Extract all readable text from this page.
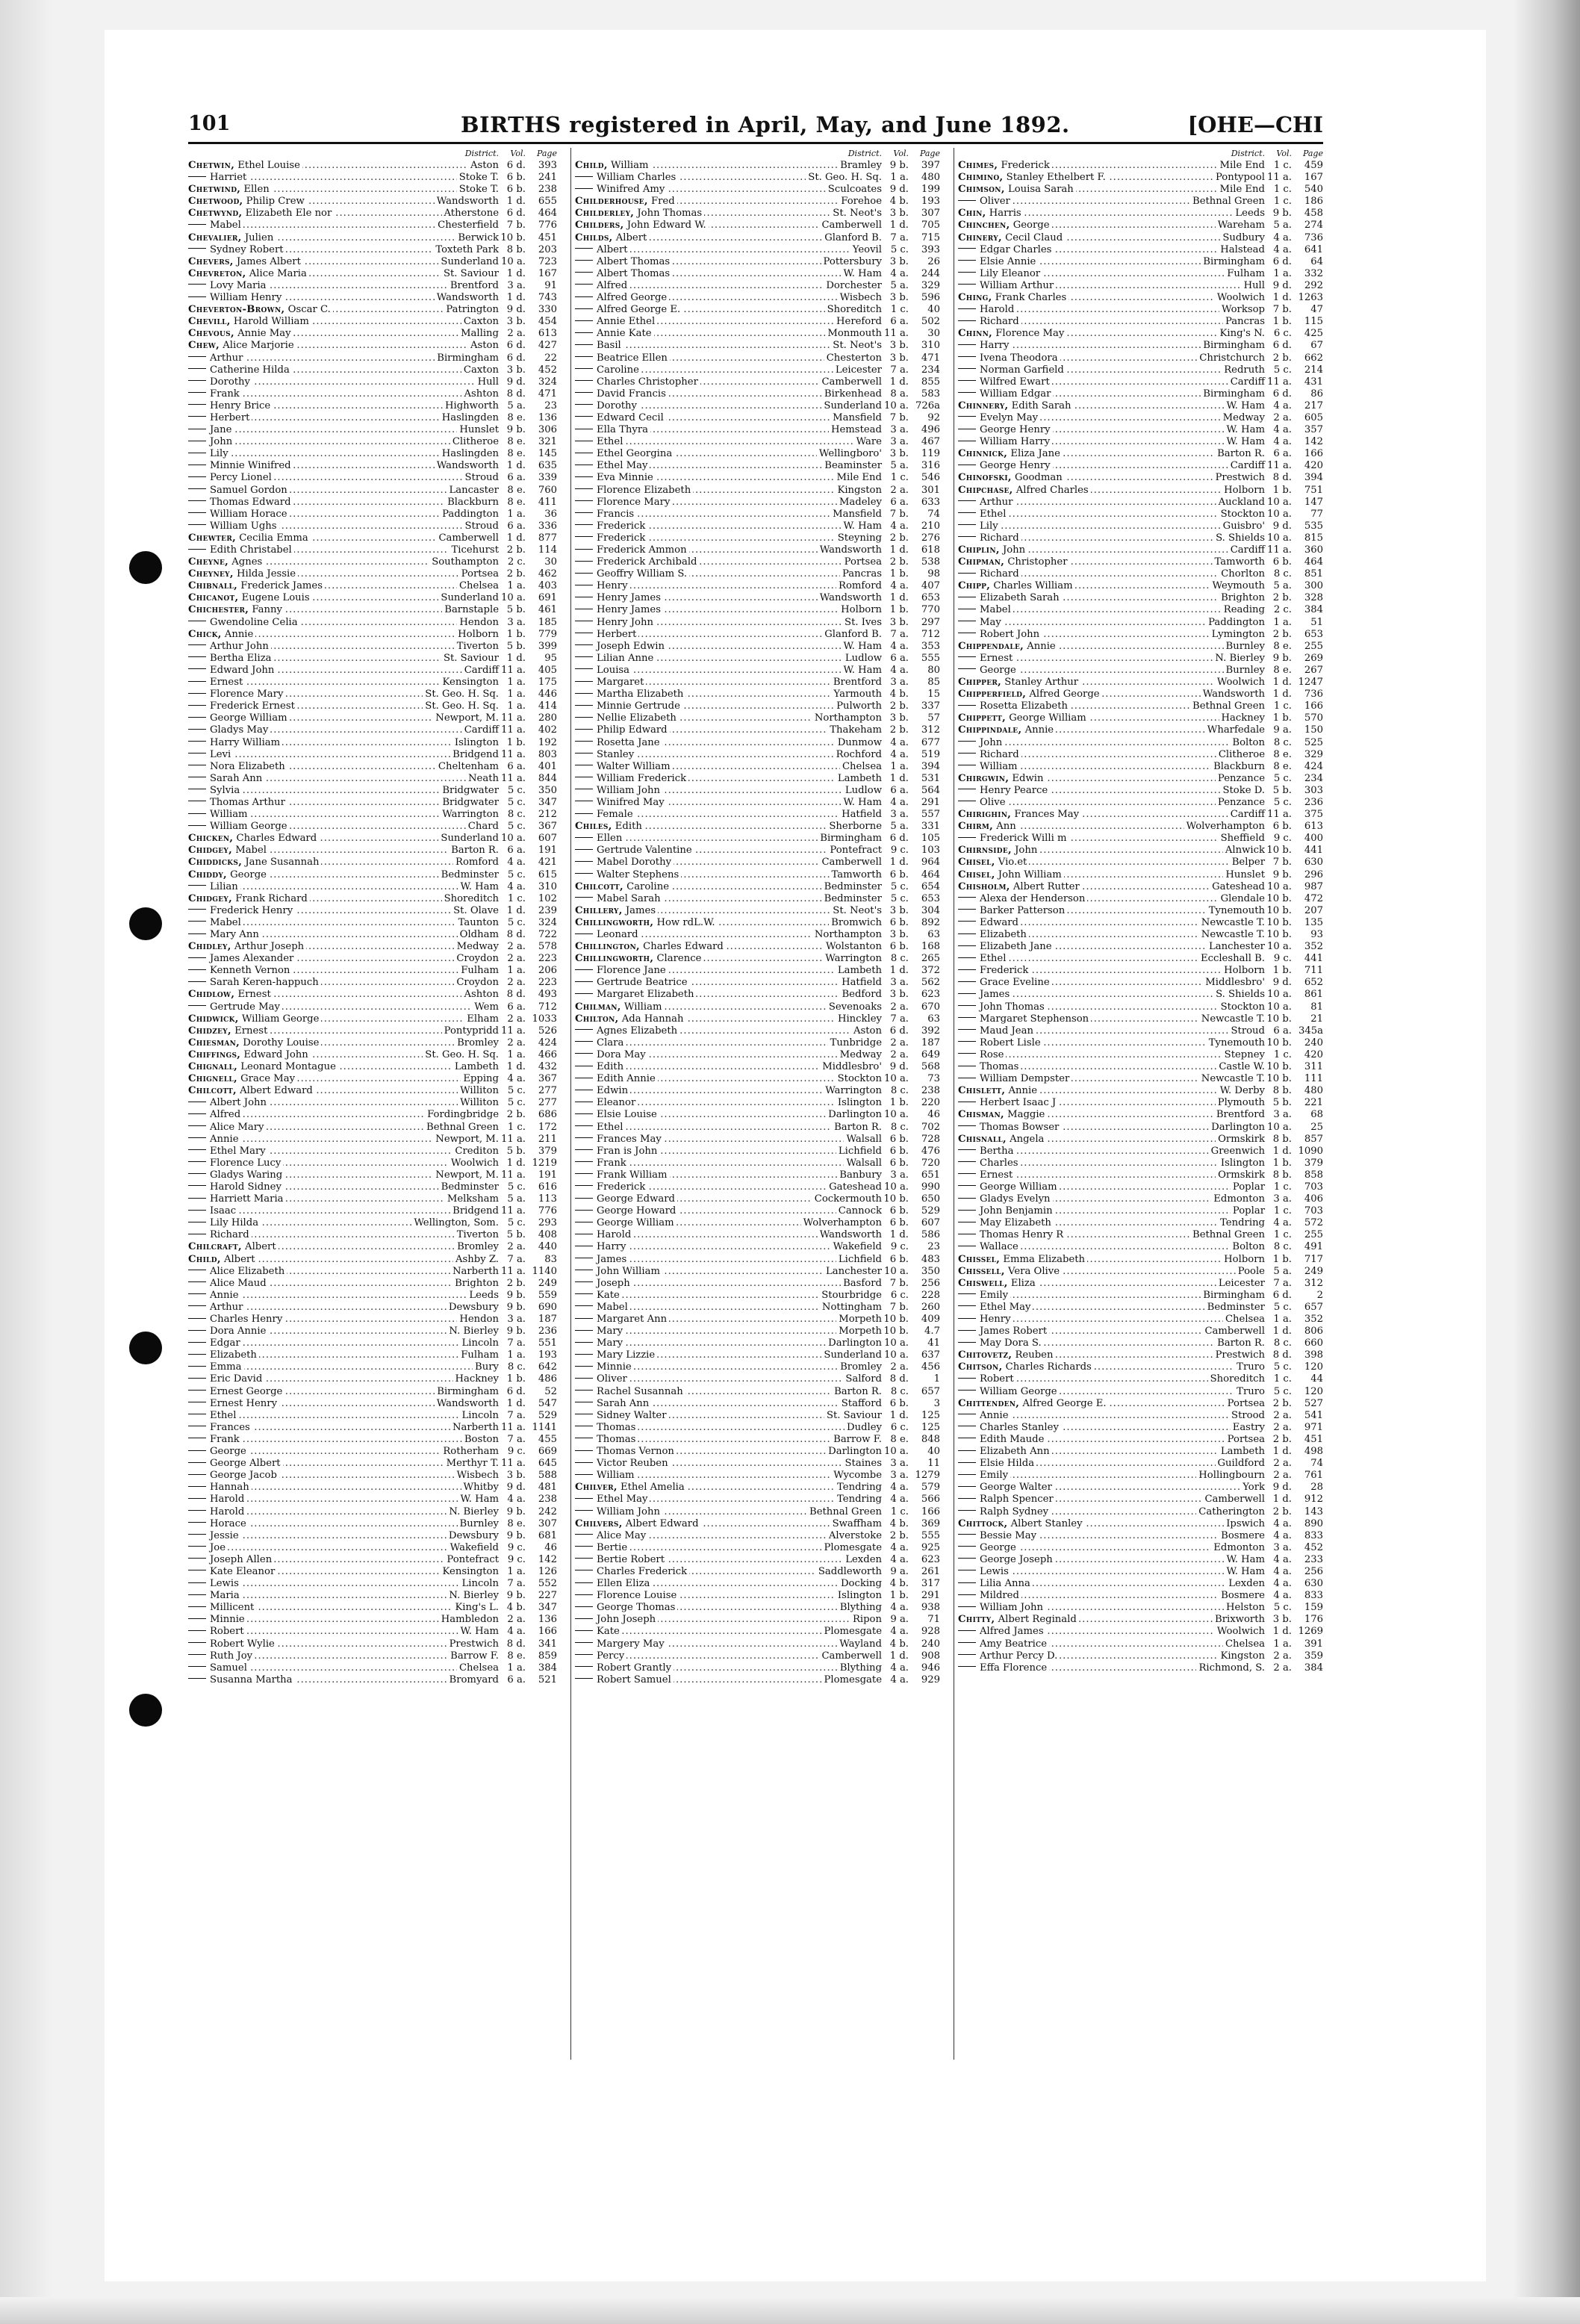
101	BIRTHS registered in April, May, and June 1892.	[OHE—CHI
District.	Vol.	Page
Chetwin, Ethel Louise .....	Aston 6 d.	393
Harriet .....	Stoke T. 6 b.	241
Chetwind, Ellen .....	Stoke T. 6 b.	238
Chetwood, Philip Crew .....	Wandsworth 1 d.	655
Chetwynd, Elizabeth Ele nor .....	Atherstone 6 d.	464
Mabel .....	Chesterfield 7 b.	776
Chevalier, Julien .....	Berwick 10 b.	451
Sydney Robert .....	Toxteth Park 8 b.	203
Chevers, James Albert .....	Sunderland 10 a.	723
Chevreton, Alice Maria .....	St. Saviour 1 d.	167
Lovy Maria .....	Brentford 3 a.	91
William Henry .....	Wandsworth 1 d.	743
Cheverton-Brown, Oscar C. .....	Patrington 9 d.	330
Chevill, Harold William .....	Caxton 3 b.	454
Chevous, Annie May .....	Malling 2 a.	613
Chew, Alice Marjorie .....	Aston 6 d.	427
Arthur .....	Birmingham 6 d.	22
Catherine Hilda .....	Caxton 3 b.	452
Dorothy .....	Hull 9 d.	324
Frank .....	Ashton 8 d.	471
Henry Brice .....	Highworth 5 a.	23
Herbert .....	Haslingden 8 e.	136
Jane .....	Hunslet 9 b.	306
John .....	Clitheroe 8 e.	321
Lily .....	Haslingden 8 e.	145
Minnie Winifred .....	Wandsworth 1 d.	635
Percy Lionel .....	Stroud 6 a.	339
Samuel Gordon .....	Lancaster 8 e.	760
Thomas Edward .....	Blackburn 8 e.	411
William Horace .....	Paddington 1 a.	36
William Ughs .....	Stroud 6 a.	336
Chewter, Cecilia Emma .....	Camberwell 1 d.	877
Edith Christabel .....	Ticehurst 2 b.	114
Cheyne, Agnes .....	Southampton 2 c.	30
Cheyney, Hilda Jessie .....	Portsea 2 b.	462
Chibnall, Frederick James .....	Chelsea 1 a.	403
Chicanot, Eugene Louis .....	Sunderland 10 a.	691
Chichester, Fanny .....	Barnstaple 5 b.	461
Gwendoline Celia .....	Hendon 3 a.	185
Chick, Annie .....	Holborn 1 b.	779
Arthur John .....	Tiverton 5 b.	399
Bertha Eliza .....	St. Saviour 1 d.	95
Edward John .....	Cardiff 11 a.	405
Ernest .....	Kensington 1 a.	175
Florence Mary .....	St. Geo. H. Sq. 1 a.	446
Frederick Ernest .....	St. Geo. H. Sq. 1 a.	414
George William .....	Newport, M. 11 a.	280
Gladys May .....	Cardiff 11 a.	402
Harry William .....	Islington 1 b.	192
Levi .....	Bridgend 11 a.	803
Nora Elizabeth .....	Cheltenham 6 a.	401
Sarah Ann .....	Neath 11 a.	844
Sylvia .....	Bridgwater 5 c.	350
Thomas Arthur .....	Bridgwater 5 c.	347
William .....	Warrington 8 c.	212
William George .....	Chard 5 c.	367
Chicken, Charles Edward .....	Sunderland 10 a.	607
Chidgey, Mabel .....	Barton R. 6 a.	191
Chiddicks, Jane Susannah .....	Romford 4 a.	421
Chiddy, George .....	Bedminster 5 c.	615
Lilian .....	W. Ham 4 a.	310
Chidgey, Frank Richard .....	Shoreditch 1 c.	102
Frederick Henry .....	St. Olave 1 d.	239
Mabel .....	Taunton 5 c.	324
Mary Ann .....	Oldham 8 d.	722
Chidley, Arthur Joseph .....	Medway 2 a.	578
James Alexander .....	Croydon 2 a.	223
Kenneth Vernon .....	Fulham 1 a.	206
Sarah Keren-happuch .....	Croydon 2 a.	223
Chidlow, Ernest .....	Ashton 8 d.	493
Gertrude May .....	Wem 6 a.	712
Chidwick, William George .....	Elham 2 a. 1033
Chidzey, Ernest .....	Pontypridd 11 a.	526
Chiesman, Dorothy Louise .....	Bromley 2 a.	424
Chiffings, Edward John .....	St. Geo. H. Sq. 1 a.	466
Chignall, Leonard Montague .....	Lambeth 1 d.	432
Chignell, Grace May .....	Epping 4 a.	367
Chilcott, Albert Edward .....	Williton 5 c.	277
Albert John .....	Williton 5 c.	277
Alfred .....	Fordingbridge 2 b.	686
Alice Mary .....	Bethnal Green 1 c.	172
Annie .....	Newport, M. 11 a.	211
Ethel Mary .....	Crediton 5 b.	379
Florence Lucy .....	Woolwich 1 d. 1219
Gladys Waring .....	Newport, M. 11 a.	191
Harold Sidney .....	Bedminster 5 c.	616
Harriett Maria .....	Melksham 5 a.	113
Isaac .....	Bridgend 11 a.	776
Lily Hilda .....	Wellington, Som. 5 c.	293
Richard .....	Tiverton 5 b.	408
Chilcraft, Albert .....	Bromley 2 a.	440
Child, Albert .....	Ashby Z. 7 a.	83
Alice Elizabeth .....	Narberth 11 a. 1140
Alice Maud .....	Brighton 2 b.	249
Annie .....	Leeds 9 b.	559
Arthur .....	Dewsbury 9 b.	690
Charles Henry .....	Hendon 3 a.	187
Dora Annie .....	N. Bierley 9 b.	236
Edgar .....	Lincoln 7 a.	551
Elizabeth .....	Fulham 1 a.	193
Emma .....	Bury 8 c.	642
Eric David .....	Hackney 1 b.	486
Ernest George .....	Birmingham 6 d.	52
Ernest Henry .....	Wandsworth 1 d.	547
Ethel .....	Lincoln 7 a.	529
Frances .....	Narberth 11 a. 1141
Frank .....	Boston 7 a.	455
George .....	Rotherham 9 c.	669
George Albert .....	Merthyr T. 11 a.	645
George Jacob .....	Wisbech 3 b.	588
Hannah .....	Whitby 9 d.	481
Harold .....	W. Ham 4 a.	238
Harold .....	N. Bierley 9 b.	242
Horace .....	Burnley 8 e.	307
Jessie .....	Dewsbury 9 b.	681
Joe .....	Wakefield 9 c.	46
Joseph Allen .....	Pontefract 9 c.	142
Kate Eleanor .....	Kensington 1 a.	126
Lewis .....	Lincoln 7 a.	552
Maria .....	N. Bierley 9 b.	227
Millicent .....	King's L. 4 b.	347
Minnie .....	Hambledon 2 a.	136
Robert .....	W. Ham 4 a.	166
Robert Wylie .....	Prestwich 8 d.	341
Ruth Joy .....	Barrow F. 8 e.	859
Samuel .....	Chelsea 1 a.	384
Susanna Martha .....	Bromyard 6 a.	521
District.	Vol.	Page
Child, William .....	Bramley 9 b.	397
William Charles .....	St. Geo. H. Sq. 1 a.	480
Winifred Amy .....	Sculcoates 9 d.	199
Childerhouse, Fred .....	Forehoe 4 b.	193
Childerley, John Thomas .....	St. Neot's 3 b.	307
Childers, John Edward W. .....	Camberwell 1 d.	705
Childs, Albert .....	Glanford B. 7 a.	715
Albert .....	Yeovil 5 c.	393
Albert Thomas .....	Pottersbury 3 b.	26
Albert Thomas .....	W. Ham 4 a.	244
Alfred .....	Dorchester 5 a.	329
Alfred George .....	Wisbech 3 b.	596
Alfred George E. .....	Shoreditch 1 c.	40
Annie Ethel .....	Hereford 6 a.	502
Annie Kate .....	Monmouth 11 a.	30
Basil .....	St. Neot's 3 b.	310
Beatrice Ellen .....	Chesterton 3 b.	471
Caroline .....	Leicester 7 a.	234
Charles Christopher .....	Camberwell 1 d.	855
David Francis .....	Birkenhead 8 a.	583
Dorothy .....	Sunderland 10 a. 726a
Edward Cecil .....	Mansfield 7 b.	92
Ella Thyra .....	Hemstead 3 a.	496
Ethel .....	Ware 3 a.	467
Ethel Georgina .....	Wellingboro' 3 b.	119
Ethel May .....	Beaminster 5 a.	316
Eva Minnie .....	Mile End 1 c.	546
Florence Elizabeth .....	Kingston 2 a.	301
Florence Mary .....	Madeley 6 a.	633
Francis .....	Mansfield 7 b.	74
Frederick .....	W. Ham 4 a.	210
Frederick .....	Steyning 2 b.	276
Frederick Ammon .....	Wandsworth 1 d.	618
Frederick Archibald .....	Portsea 2 b.	538
Geoffry William S. .....	Pancras 1 b.	98
Henry .....	Romford 4 a.	407
Henry James .....	Wandsworth 1 d.	653
Henry James .....	Holborn 1 b.	770
Henry John .....	St. Ives 3 b.	297
Herbert .....	Glanford B. 7 a.	712
Joseph Edwin .....	W. Ham 4 a.	353
Lilian Anne .....	Ludlow 6 a.	555
Louisa .....	W. Ham 4 a.	80
Margaret .....	Brentford 3 a.	85
Martha Elizabeth .....	Yarmouth 4 b.	15
Minnie Gertrude .....	Pulworth 2 b.	337
Nellie Elizabeth .....	Northampton 3 b.	57
Philip Edward .....	Thakeham 2 b.	312
Rosetta Jane .....	Dunmow 4 a.	677
Stanley .....	Rochford 4 a.	519
Walter William .....	Chelsea 1 a.	394
William Frederick .....	Lambeth 1 d.	531
William John .....	Ludlow 6 a.	564
Winifred May .....	W. Ham 4 a.	291
Female .....	Hatfield 3 a.	557
Chiles, Edith .....	Sherborne 5 a.	331
Ellen .....	Birmingham 6 d.	105
Gertrude Valentine .....	Pontefract 9 c.	103
Mabel Dorothy .....	Camberwell 1 d.	964
Walter Stephens .....	Tamworth 6 b.	464
Chilcott, Caroline .....	Bedminster 5 c.	654
Mabel Sarah .....	Bedminster 5 c.	653
Chillery, James .....	St. Neot's 3 b.	304
Chillingworth, How rdL.W. .....	Bromwich 6 b.	892
Leonard .....	Northampton 3 b.	63
Chillington, Charles Edward .....	Wolstanton 6 b.	168
Chillingworth, Clarence .....	Warrington 8 c.	265
Florence Jane .....	Lambeth 1 d.	372
Gertrude Beatrice .....	Hatfield 3 a.	562
Margaret Elizabeth .....	Bedford 3 b.	623
Chilman, William .....	Sevenoaks 2 a.	670
Chilton, Ada Hannah .....	Hinckley 7 a.	63
Agnes Elizabeth .....	Aston 6 d.	392
Clara .....	Tunbridge 2 a.	187
Dora May .....	Medway 2 a.	649
Edith .....	Middlesbro' 9 d.	568
Edith Annie .....	Stockton 10 a.	73
Edwin .....	Warrington 8 c.	238
Eleanor .....	Islington 1 b.	220
Elsie Louise .....	Darlington 10 a.	46
Ethel .....	Barton R. 8 c.	702
Frances May .....	Walsall 6 b.	728
Fran is John .....	Lichfield 6 b.	476
Frank .....	Walsall 6 b.	720
Frank William .....	Banbury 3 a.	651
Frederick .....	Gateshead 10 a.	990
George Edward .....	Cockermouth 10 b.	650
George Howard .....	Cannock 6 b.	529
George William .....	Wolverhampton 6 b.	607
Harold .....	Wandsworth 1 d.	586
Harry .....	Wakefield 9 c.	23
James .....	Lichfield 6 b.	483
John William .....	Lanchester 10 a.	350
Joseph .....	Basford 7 b.	256
Kate .....	Stourbridge 6 c.	228
Mabel .....	Nottingham 7 b.	260
Margaret Ann .....	Morpeth 10 b.	409
Mary .....	Morpeth 10 b.	4.7
Mary .....	Darlington 10 a.	41
Mary Lizzie .....	Sunderland 10 a.	637
Minnie .....	Bromley 2 a.	456
Oliver .....	Salford 8 d.	1
Rachel Susannah .....	Barton R. 8 c.	657
Sarah Ann .....	Stafford 6 b.	3
Sidney Walter .....	St. Saviour 1 d.	125
Thomas .....	Dudley 6 c.	125
Thomas .....	Barrow F. 8 e.	848
Thomas Vernon .....	Darlington 10 a.	40
Victor Reuben .....	Staines 3 a.	11
William .....	Wycombe 3 a. 1279
Chilver, Ethel Amelia .....	Tendring 4 a.	579
Ethel May .....	Tendring 4 a.	566
William John .....	Bethnal Green 1 c.	166
Chilvers, Albert Edward .....	Swaffham 4 b.	369
Alice May .....	Alverstoke 2 b.	555
Bertie .....	Plomesgate 4 a.	925
Bertie Robert .....	Lexden 4 a.	623
Charles Frederick .....	Saddleworth 9 a.	261
Ellen Eliza .....	Docking 4 b.	317
Florence Louise .....	Islington 1 b.	291
George Thomas .....	Blything 4 a.	938
John Joseph .....	Ripon 9 a.	71
Kate .....	Plomesgate 4 a.	928
Margery May .....	Wayland 4 b.	240
Percy .....	Camberwell 1 d.	908
Robert Grantly .....	Blything 4 a.	946
Robert Samuel .....	Plomesgate 4 a.	929
District.	Vol.	Page
Chimes, Frederick .....	Mile End 1 c.	459
Chimino, Stanley Ethelbert F. .....	Pontypool 11 a.	167
Chimson, Louisa Sarah .....	Mile End 1 c.	540
Oliver .....	Bethnal Green 1 c.	186
Chin, Harris .....	Leeds 9 b.	458
Chinchen, George .....	Wareham 5 a.	274
Chinery, Cecil Claud .....	Sudbury 4 a.	736
Edgar Charles .....	Halstead 4 a.	641
Elsie Annie .....	Birmingham 6 d.	64
Lily Eleanor .....	Fulham 1 a.	332
William Arthur .....	Hull 9 d.	292
Ching, Frank Charles .....	Woolwich 1 d. 1263
Harold .....	Worksop 7 b.	47
Richard .....	Pancras 1 b.	115
Chinn, Florence May .....	King's N. 6 c.	425
Harry .....	Birmingham 6 d.	67
Ivena Theodora .....	Christchurch 2 b.	662
Norman Garfield .....	Redruth 5 c.	214
Wilfred Ewart .....	Cardiff 11 a.	431
William Edgar .....	Birmingham 6 d.	86
Chinnery, Edith Sarah .....	W. Ham 4 a.	217
Evelyn May .....	Medway 2 a.	605
George Henry .....	W. Ham 4 a.	357
William Harry .....	W. Ham 4 a.	142
Chinnick, Eliza Jane .....	Barton R. 6 a.	166
George Henry .....	Cardiff 11 a.	420
Chinofski, Goodman .....	Prestwich 8 d.	394
Chipchase, Alfred Charles .....	Holborn 1 b.	751
Arthur .....	Auckland 10 a.	147
Ethel .....	Stockton 10 a.	77
Lily .....	Guisbro' 9 d.	535
Richard .....	S. Shields 10 a.	815
Chiplin, John .....	Cardiff 11 a.	360
Chipman, Christopher .....	Tamworth 6 b.	464
Richard .....	Chorlton 8 c.	851
Chipp, Charles William .....	Weymouth 5 a.	300
Elizabeth Sarah .....	Brighton 2 b.	328
Mabel .....	Reading 2 c.	384
May .....	Paddington 1 a.	51
Robert John .....	Lymington 2 b.	653
Chippendale, Annie .....	Burnley 8 e.	255
Ernest .....	N. Bierley 9 b.	269
George .....	Burnley 8 e.	267
Chipper, Stanley Arthur .....	Woolwich 1 d. 1247
Chipperfield, Alfred George .....	Wandsworth 1 d.	736
Rosetta Elizabeth .....	Bethnal Green 1 c.	166
Chippett, George William .....	Hackney 1 b.	570
Chippindale, Annie .....	Wharfedale 9 a.	150
John .....	Bolton 8 c.	525
Richard .....	Clitheroe 8 e.	329
William .....	Blackburn 8 e.	424
Chirgwin, Edwin .....	Penzance 5 c.	234
Henry Pearce .....	Stoke D. 5 b.	303
Olive .....	Penzance 5 c.	236
Chirighin, Frances May .....	Cardiff 11 a.	375
Chirm, Ann .....	Wolverhampton 6 b.	613
Frederick Willi m .....	Sheffield 9 c.	400
Chirnside, John .....	Alnwick 10 b.	441
Chisel, Vio.et .....	Belper 7 b.	630
Chisel, John William .....	Hunslet 9 b.	296
Chisholm, Albert Rutter .....	Gateshead 10 a.	987
Alexa der Henderson .....	Glendale 10 b.	472
Barker Patterson .....	Tynemouth 10 b.	207
Edward .....	Newcastle T. 10 b.	135
Elizabeth .....	Newcastle T. 10 b.	93
Elizabeth Jane .....	Lanchester 10 a.	352
Ethel .....	Eccleshall B. 9 c.	441
Frederick .....	Holborn 1 b.	711
Grace Eveline .....	Middlesbro' 9 d.	652
James .....	S. Shields 10 a.	861
John Thomas .....	Stockton 10 a.	81
Margaret Stephenson .....	Newcastle T. 10 b.	21
Maud Jean .....	Stroud 6 a. 345a
Robert Lisle .....	Tynemouth 10 b.	240
Rose .....	Stepney 1 c.	420
Thomas .....	Castle W. 10 b.	311
William Dempster .....	Newcastle T. 10 b.	111
Chislett, Annie .....	W. Derby 8 b.	480
Herbert Isaac J .....	Plymouth 5 b.	221
Chisman, Maggie .....	Brentford 3 a.	68
Thomas Bowser .....	Darlington 10 a.	25
Chisnall, Angela .....	Ormskirk 8 b.	857
Bertha .....	Greenwich 1 d. 1090
Charles .....	Islington 1 b.	379
Ernest .....	Ormskirk 8 b.	858
George William .....	Poplar 1 c.	703
Gladys Evelyn .....	Edmonton 3 a.	406
John Benjamin .....	Poplar 1 c.	703
May Elizabeth .....	Tendring 4 a.	572
Thomas Henry R .....	Bethnal Green 1 c.	255
Wallace .....	Bolton 8 c.	491
Chissel, Emma Elizabeth .....	Holborn 1 b.	717
Chissell, Vera Olive .....	Poole 5 a.	249
Chiswell, Eliza .....	Leicester 7 a.	312
Emily .....	Birmingham 6 d.	2
Ethel May .....	Bedminster 5 c.	657
Henry .....	Chelsea 1 a.	352
James Robert .....	Camberwell 1 d.	806
May Dora S. .....	Barton R. 8 c.	660
Chitovetz, Reuben .....	Prestwich 8 d.	398
Chitson, Charles Richards .....	Truro 5 c.	120
Robert .....	Shoreditch 1 c.	44
William George .....	Truro 5 c.	120
Chittenden, Alfred George E. .....	Portsea 2 b.	527
Annie .....	Strood 2 a.	541
Charles Stanley .....	Eastry 2 a.	971
Edith Maude .....	Portsea 2 b.	451
Elizabeth Ann .....	Lambeth 1 d.	498
Elsie Hilda .....	Guildford 2 a.	74
Emily .....	Hollingbourn 2 a.	761
George Walter .....	York 9 d.	28
Ralph Spencer .....	Camberwell 1 d.	912
Ralph Sydney .....	Catherington 2 b.	143
Chittock, Albert Stanley .....	Ipswich 4 a.	890
Bessie May .....	Bosmere 4 a.	833
George .....	Edmonton 3 a.	452
George Joseph .....	W. Ham 4 a.	233
Lewis .....	W. Ham 4 a.	256
Lilia Anna .....	Lexden 4 a.	630
Mildred .....	Bosmere 4 a.	833
William John .....	Helston 5 c.	159
Chitty, Albert Reginald .....	Brixworth 3 b.	176
Alfred James .....	Woolwich 1 d. 1269
Amy Beatrice .....	Chelsea 1 a.	391
Arthur Percy D. .....	Kingston 2 a.	359
Effa Florence .....	Richmond, S. 2 a.	384
